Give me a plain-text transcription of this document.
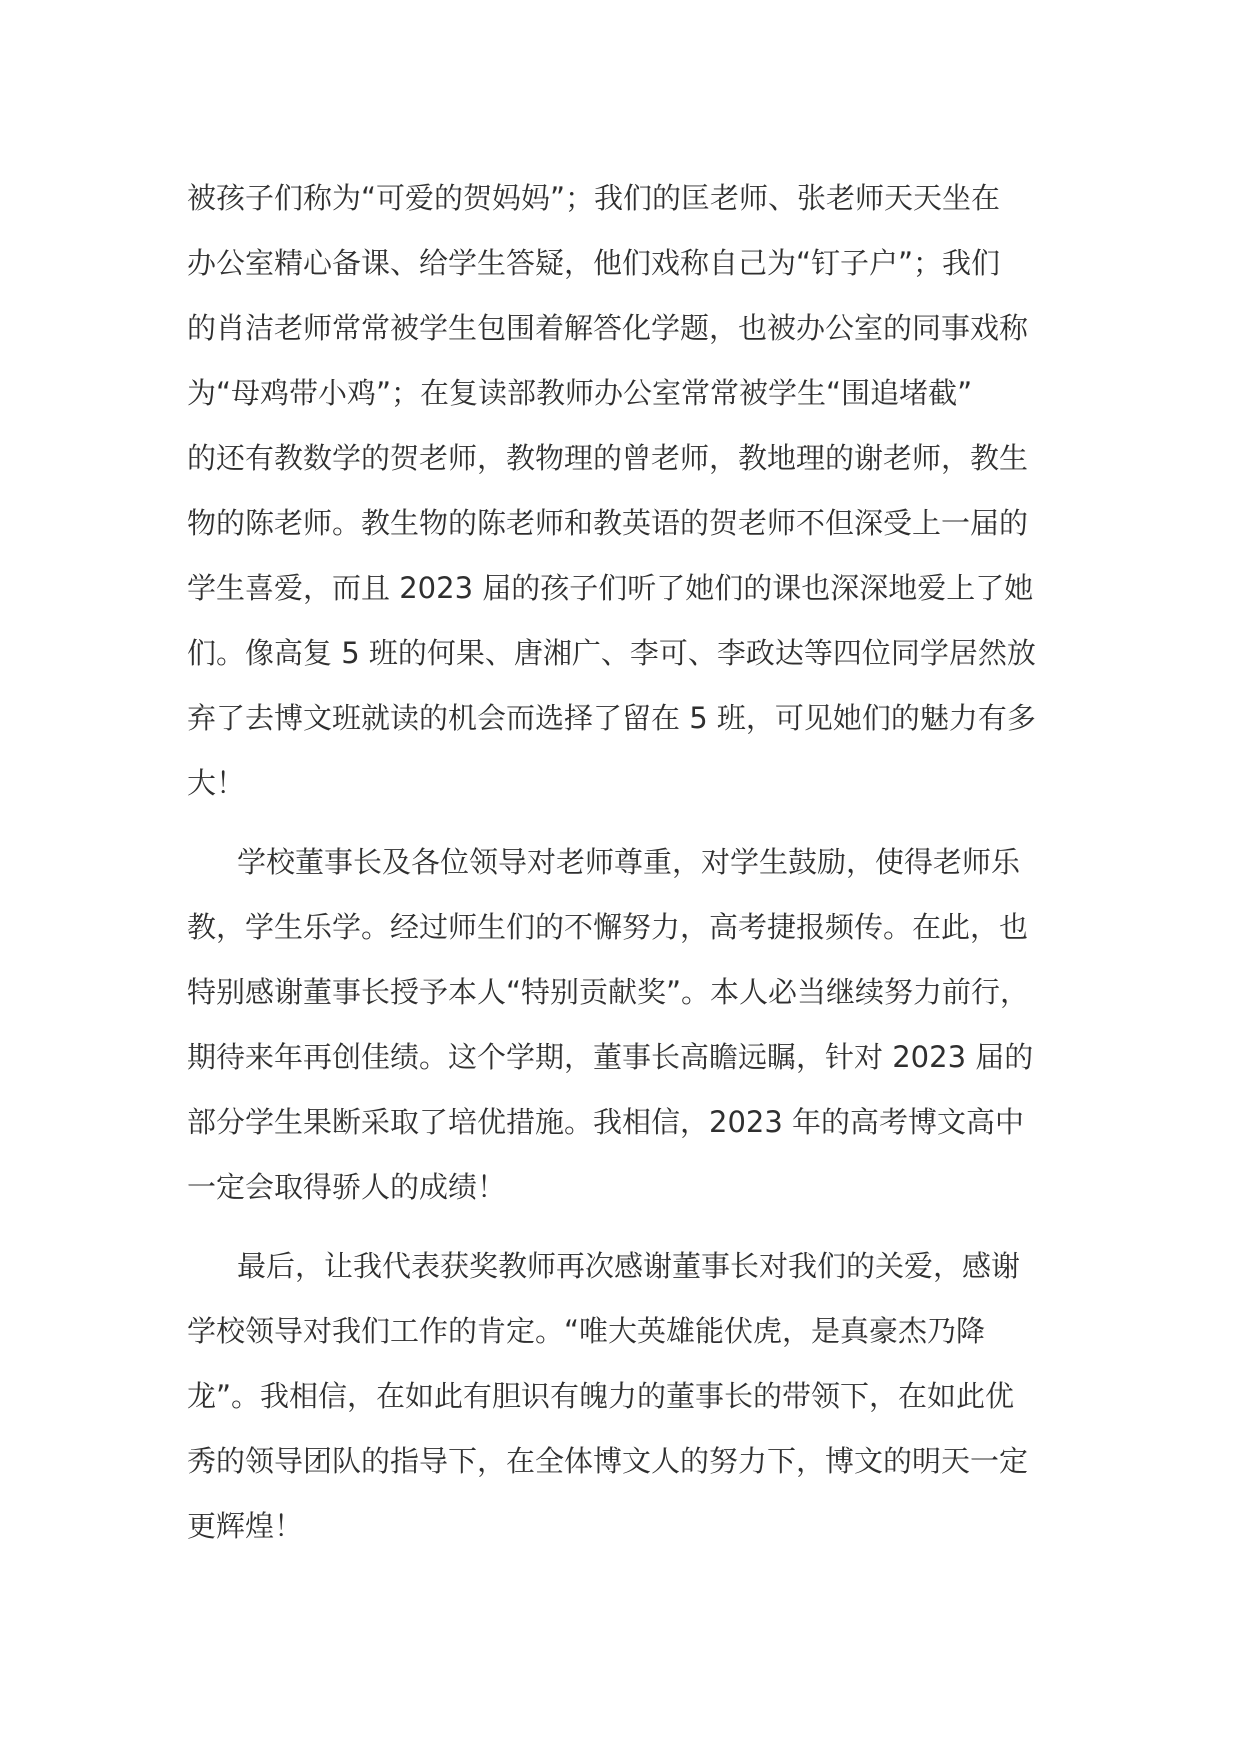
被孩子们称为“可爱的贺妈妈”；我们的匡老师、张老师天天坐在
办公室精心备课、给学生答疑，他们戏称自己为“钉子户”；我们
的肖洁老师常常被学生包围着解答化学题，也被办公室的同事戏称
为“母鸡带小鸡”；在复读部教师办公室常常被学生“围追堵截”
的还有教数学的贺老师，教物理的曾老师，教地理的谢老师，教生
物的陈老师。教生物的陈老师和教英语的贺老师不但深受上一届的
学生喜爱，而且 2023 届的孩子们听了她们的课也深深地爱上了她
们。像高复 5 班的何果、唐湘广、李可、李政达等四位同学居然放
弃了去博文班就读的机会而选择了留在 5 班，可见她们的魅力有多
大！
学校董事长及各位领导对老师尊重，对学生鼓励，使得老师乐
教，学生乐学。经过师生们的不懈努力，高考捷报频传。在此，也
特别感谢董事长授予本人“特别贡献奖”。本人必当继续努力前行，
期待来年再创佳绩。这个学期，董事长高瞻远瞩，针对 2023 届的
部分学生果断采取了培优措施。我相信，2023 年的高考博文高中
一定会取得骄人的成绩！
最后，让我代表获奖教师再次感谢董事长对我们的关爱，感谢
学校领导对我们工作的肯定。“唯大英雄能伏虎，是真豪杰乃降
龙”。我相信，在如此有胆识有魄力的董事长的带领下，在如此优
秀的领导团队的指导下，在全体博文人的努力下，博文的明天一定
更辉煌！
